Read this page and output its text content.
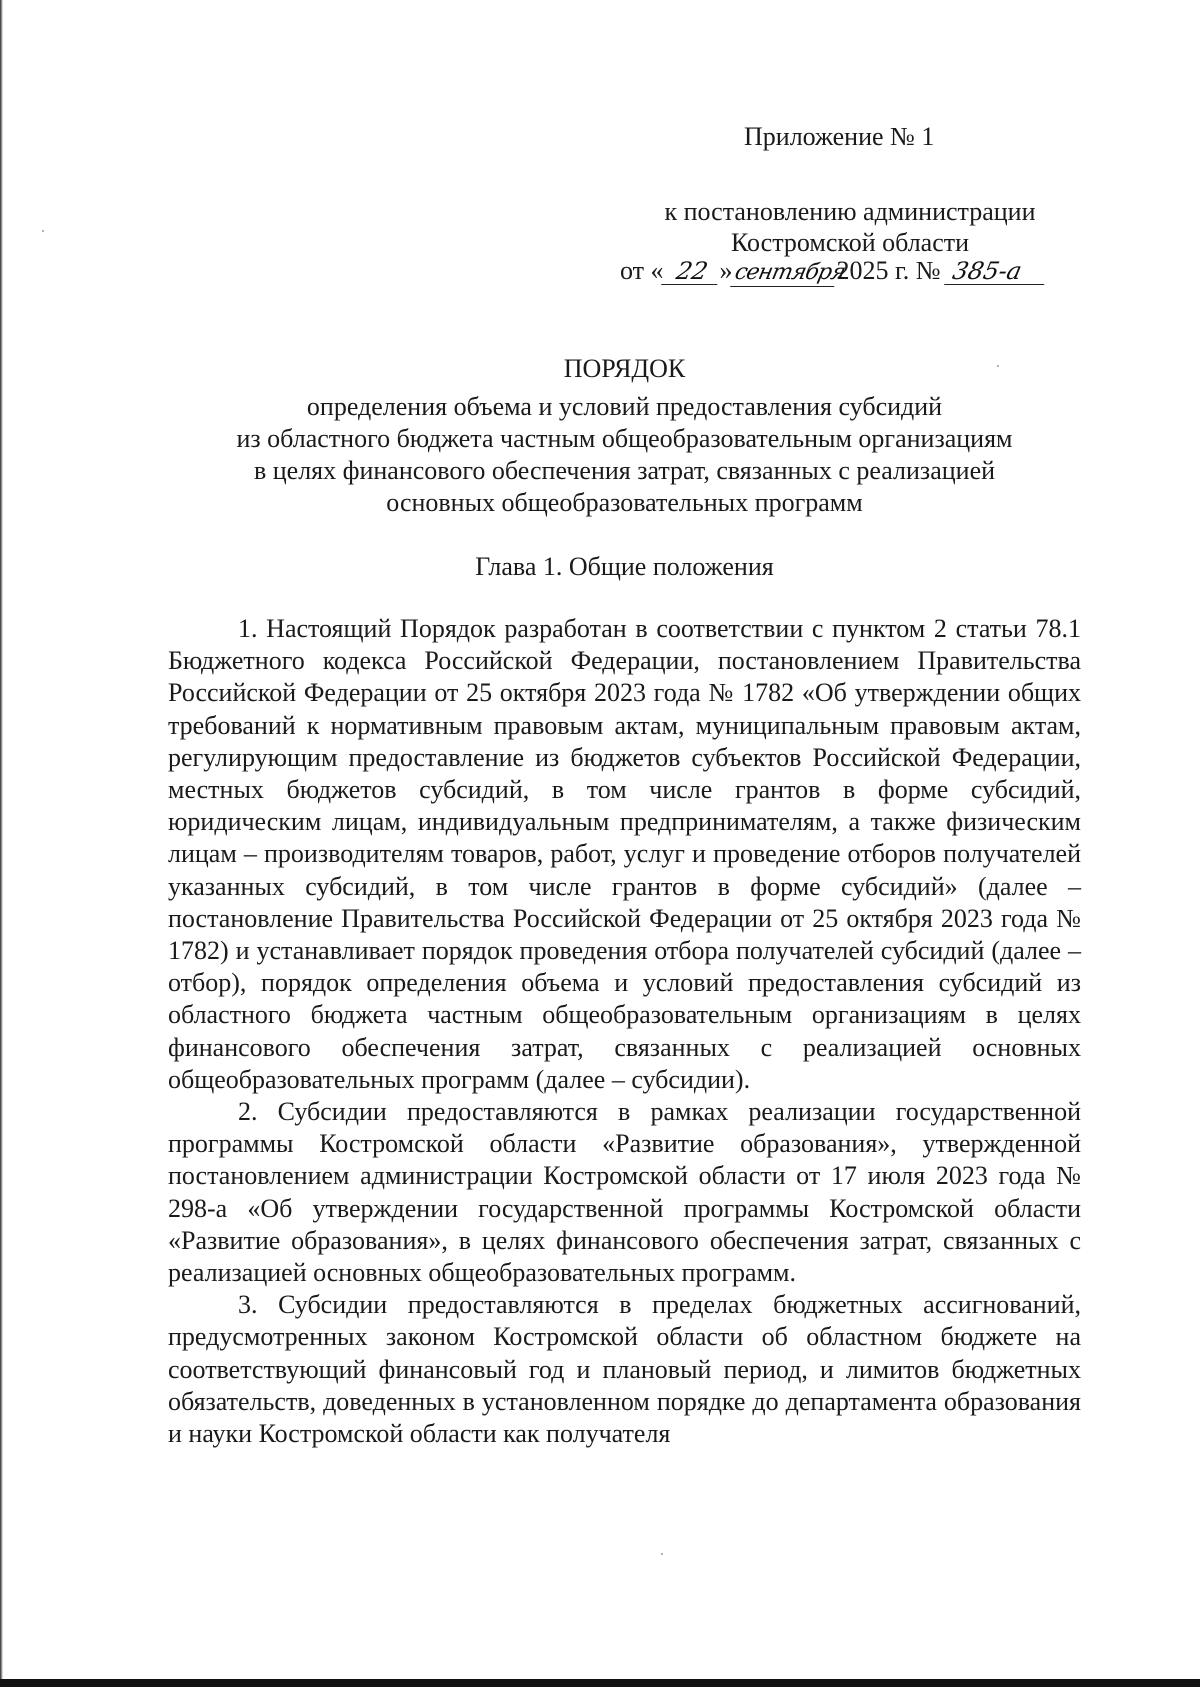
Приложение № 1
к постановлению администрации
Костромской области
от « 22 »сентября2025 г. № 385-а
ПОРЯДОК
определения объема и условий предоставления субсидий
из областного бюджета частным общеобразовательным организациям
в целях финансового обеспечения затрат, связанных с реализацией
основных общеобразовательных программ
Глава 1. Общие положения

1. Настоящий Порядок разработан в соответствии с пунктом 2 статьи 78.1 Бюджетного кодекса Российской Федерации, постановлением Правительства Российской Федерации от 25 октября 2023 года № 1782 «Об утверждении общих требований к нормативным правовым актам, муниципальным правовым актам, регулирующим предоставление из бюджетов субъектов Российской Федерации, местных бюджетов субсидий, в том числе грантов в форме субсидий, юридическим лицам, индивидуальным предпринимателям, а также физическим лицам – производителям товаров, работ, услуг и проведение отборов получателей указанных субсидий, в том числе грантов в форме субсидий» (далее – постановление Правительства Российской Федерации от 25 октября 2023 года № 1782) и устанавливает порядок проведения отбора получателей субсидий (далее – отбор), порядок определения объема и условий предоставления субсидий из областного бюджета частным общеобразовательным организациям в целях финансового обеспечения затрат, связанных с реализацией основных общеобразовательных программ (далее – субсидии).

2. Субсидии предоставляются в рамках реализации государственной программы Костромской области «Развитие образования», утвержденной постановлением администрации Костромской области от 17 июля 2023 года № 298-а «Об утверждении государственной программы Костромской области «Развитие образования», в целях финансового обеспечения затрат, связанных с реализацией основных общеобразовательных программ.

3. Субсидии предоставляются в пределах бюджетных ассигнований, предусмотренных законом Костромской области об областном бюджете на соответствующий финансовый год и плановый период, и лимитов бюджетных обязательств, доведенных в установленном порядке до департамента образования и науки Костромской области как получателя
